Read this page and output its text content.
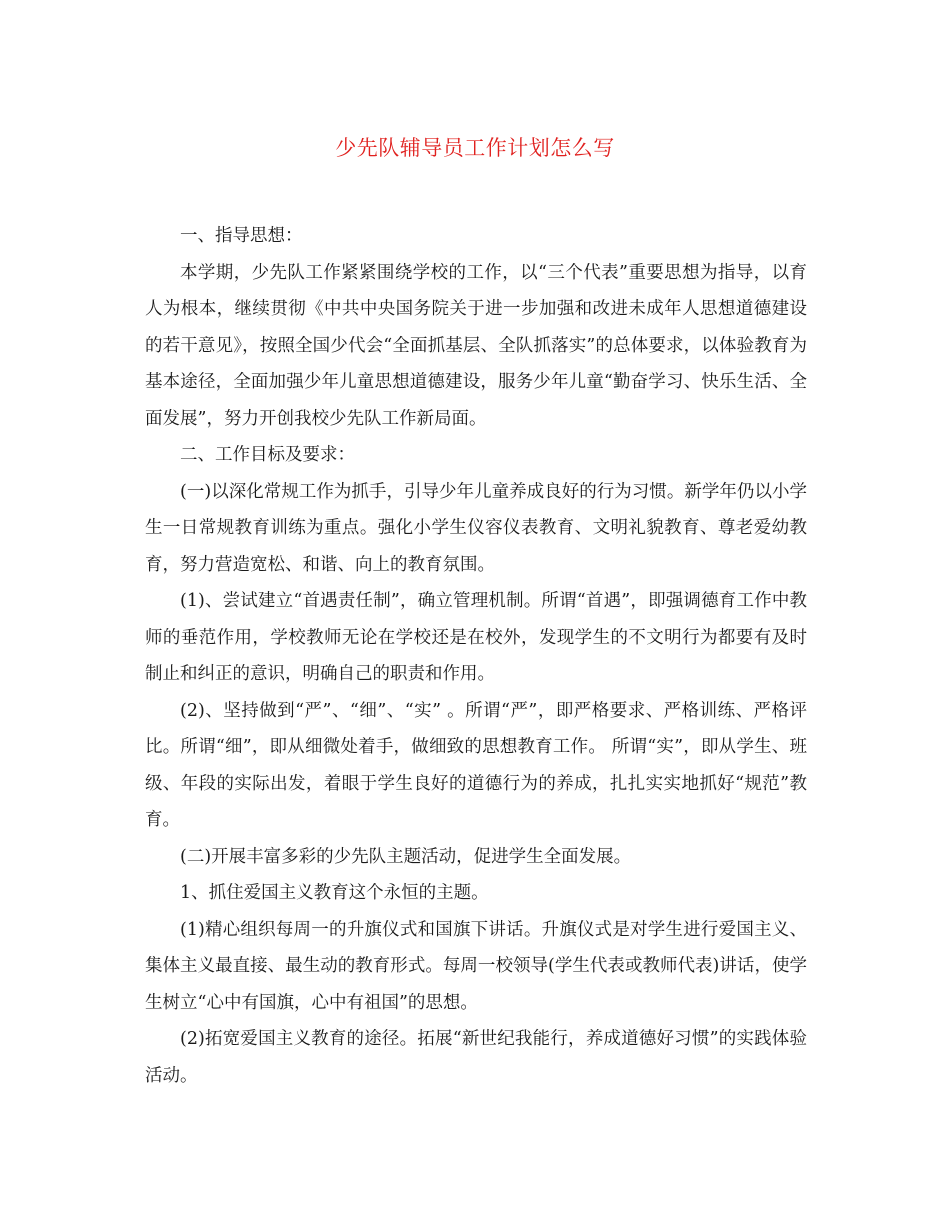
少先队辅导员工作计划怎么写

一、指导思想：

本学期，少先队工作紧紧围绕学校的工作，以“三个代表”重要思想为指导，以育人为根本，继续贯彻《中共中央国务院关于进一步加强和改进未成年人思想道德建设的若干意见》，按照全国少代会“全面抓基层、全队抓落实”的总体要求，以体验教育为基本途径，全面加强少年儿童思想道德建设，服务少年儿童“勤奋学习、快乐生活、全面发展”，努力开创我校少先队工作新局面。

二、工作目标及要求：

(一)以深化常规工作为抓手，引导少年儿童养成良好的行为习惯。新学年仍以小学生一日常规教育训练为重点。强化小学生仪容仪表教育、文明礼貌教育、尊老爱幼教育，努力营造宽松、和谐、向上的教育氛围。

(1)、尝试建立“首遇责任制”，确立管理机制。所谓“首遇”，即强调德育工作中教师的垂范作用，学校教师无论在学校还是在校外，发现学生的不文明行为都要有及时制止和纠正的意识，明确自己的职责和作用。

(2)、坚持做到“严”、“细”、“实” 。所谓“严”，即严格要求、严格训练、严格评比。所谓“细”，即从细微处着手，做细致的思想教育工作。 所谓“实”，即从学生、班级、年段的实际出发，着眼于学生良好的道德行为的养成，扎扎实实地抓好“规范”教育。

(二)开展丰富多彩的少先队主题活动，促进学生全面发展。

1、抓住爱国主义教育这个永恒的主题。

(1)精心组织每周一的升旗仪式和国旗下讲话。升旗仪式是对学生进行爱国主义、集体主义最直接、最生动的教育形式。每周一校领导(学生代表或教师代表)讲话，使学生树立“心中有国旗，心中有祖国”的思想。

(2)拓宽爱国主义教育的途径。拓展“新世纪我能行，养成道德好习惯”的实践体验活动。
